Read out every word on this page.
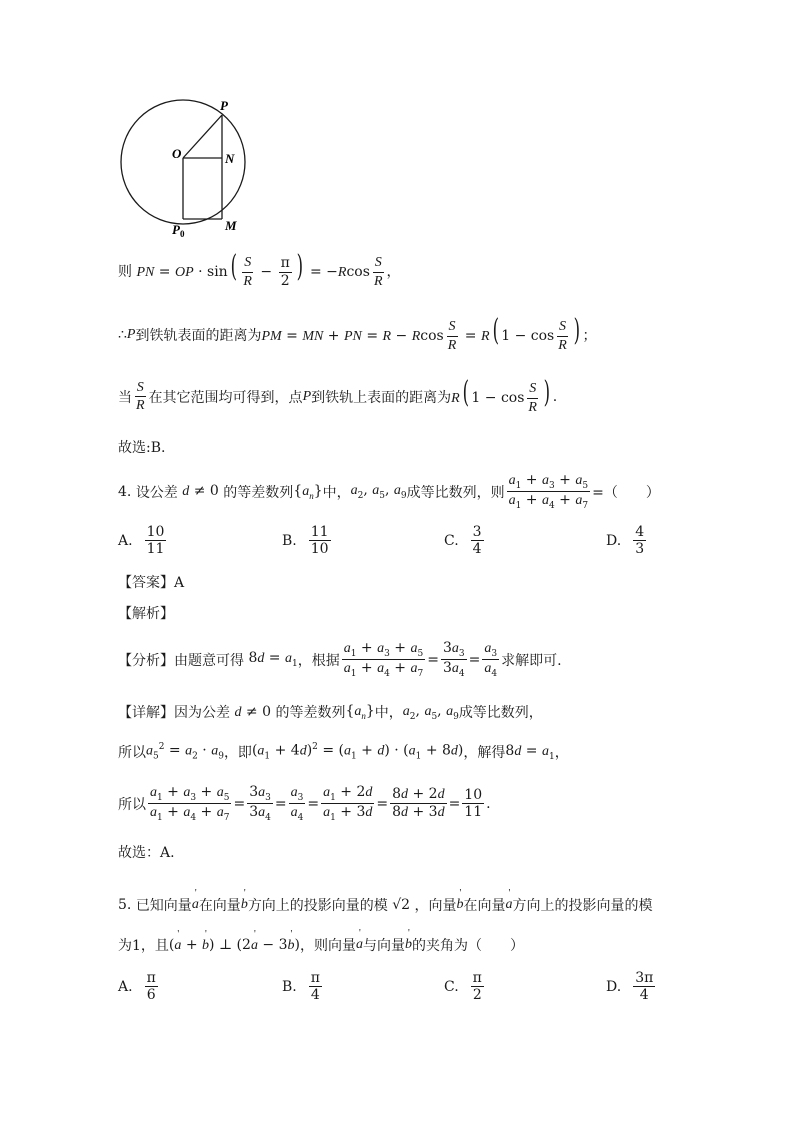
P
O	N
M
$P_0$
则 PN = OP · $\sin( \frac{S}{R} - \frac{\pi}{2}$ ) = $-Rcos \frac{S}{R}$ ，
∴ P 到铁轨表面的距离为 PM = MN + PN = R − Rcos $\frac{S}{R} = R$( $1 - \cos \frac{S}{R}$ ) ；
当 $\frac{S}{R}$ 在其它范围均可得到，点 P 到铁轨上表面的距离为 R( $1 - \cos \frac{S}{R}$ ) .
故选:B.
4.
设公差 d ≠ 0 的等差数列 $\{a_n\}$ 中， $a_2$, $a_5$, $a_9$ 成等比数列，则 $\frac{a_1 + a_3 + a_5}{a_1 + a_4 + a_7}$ =（　　）
A. $\frac{10}{11}$	B. $\frac{11}{10}$	C. $\frac{3}{4}$	D. $\frac{4}{3}$
【答案】A
【解析】
【分析】 由题意可得 $8d = a_1$ ，根据 $\frac{a_1 + a_3 + a_5}{a_1 + a_4 + a_7} = \frac{3a_3}{3a_4} = \frac{a_3}{a_4}$ 求解即可.
【详解】 因为公差 d ≠ 0 的等差数列 $\{a_n\}$ 中， $a_2$, $a_5$, $a_9$ 成等比数列，
所以 $a_5^2 = a_2 \cdot a_9$ ，即 $(a_1 + 4d)^2 = (a_1 + d) \cdot (a_1 + 8d)$ ，解得 $8d = a_1$ ，
所以 $\frac{a_1 + a_3 + a_5}{a_1 + a_4 + a_7} = \frac{3a_3}{3a_4} = \frac{a_3}{a_4} = \frac{a_1 + 2d}{a_1 + 3d} = \frac{8d + 2d}{8d + 3d} = \frac{10}{11}$ .
故选：A.
5.
已知向量 ' a 在向量 ' b 方向上的投影向量的模 √2 ，向量 ' b 在向量 ' a 方向上的投影向量的模
为1，且 (' a + ' b) ⊥ (2' a − 3' b) ，则向量 ' a 与向量 ' b 的夹角为（　　）
A. $\frac{\pi}{6}$	B. $\frac{\pi}{4}$	C. $\frac{\pi}{2}$	D. $\frac{3\pi}{4}$
